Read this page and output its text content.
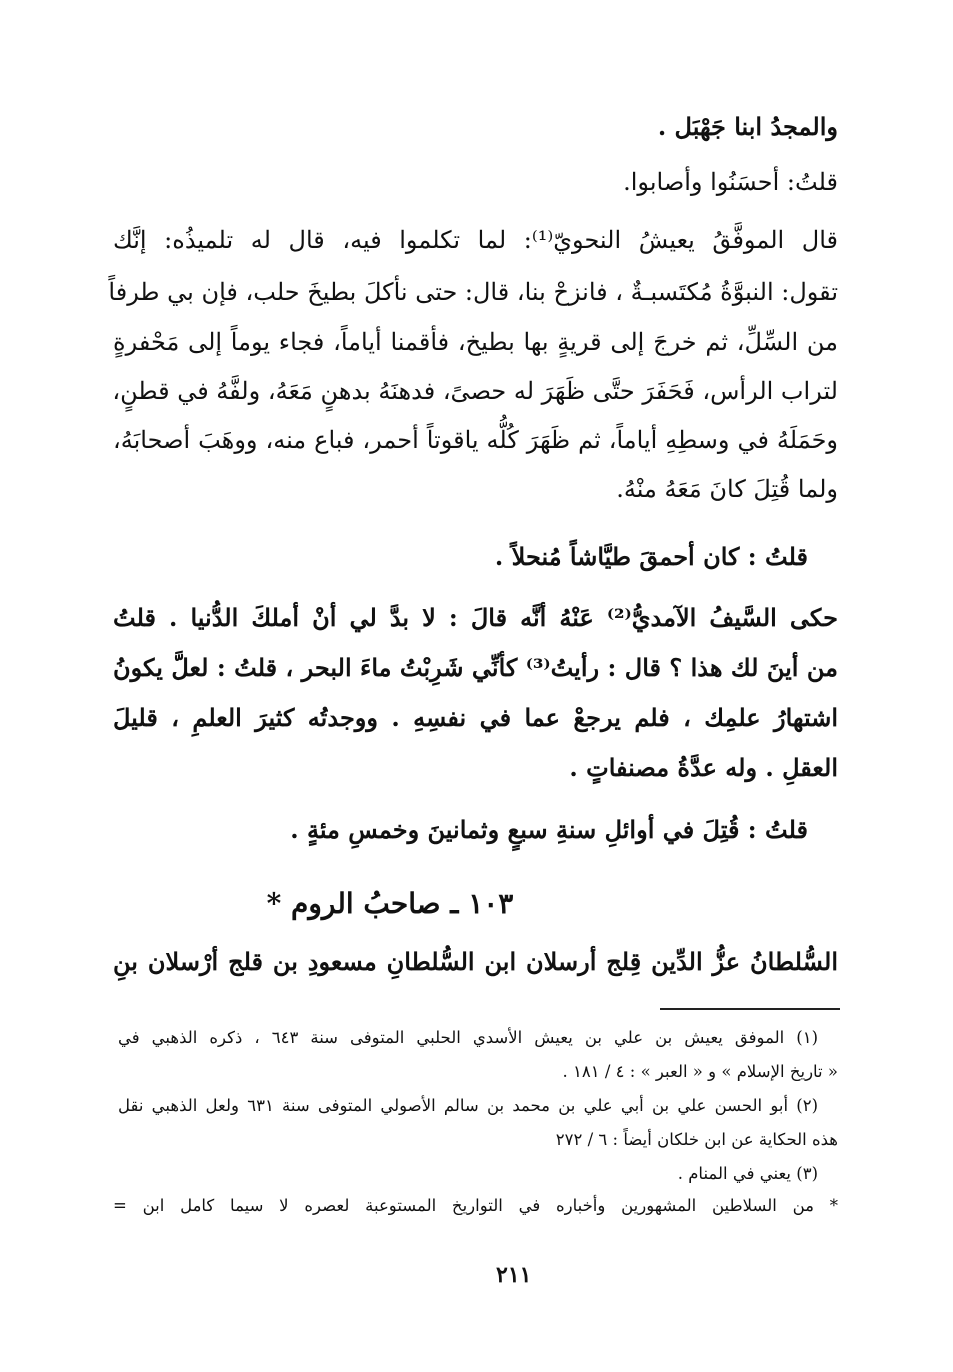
والمجدُ ابنا جَهْبَل .
قلتُ: أحسَنُوا وأصابوا.
قال الموفَّقُ يعيشُ النحويّ⁽¹⁾: لما تكلموا فيه، قال له تلميذُه: إنَّك
تقول: النبوَّةُ مُكتَسبـةٌ ، فانزحْ بنا، قال: حتى نأكلَ بطيخَ حلب، فإن بي طرفاً
من السِّلِّ، ثم خرجَ إلى قريةٍ بها بطيخ، فأقمنا أياماً، فجاء يوماً إلى مَحْفرةٍ
لتراب الرأس، فَحَفَرَ حتَّى ظَهَرَ له حصىً، فدهنَهُ بدهنٍ مَعَهُ، ولفَّهُ في قطنٍ،
وحَمَلَهُ في وسطِهِ أياماً، ثم ظَهَرَ كُلُّه ياقوتاً أحمر، فباع منه، ووهَبَ أصحابَهُ،
ولما قُتِلَ كانَ مَعَهُ منْهُ.
قلتُ : كان أحمقَ طيَّاشاً مُنحلاً .
حكى السَّيفُ الآمديُّ⁽²⁾ عَنْهُ أنَّه قالَ : لا بدَّ لي أنْ أملكَ الدُّنيا . قلتُ
من أينَ لك هذا ؟ قال : رأيتُ⁽³⁾ كأنِّي شَرِبْتُ ماءَ البحر ، قلتُ : لعلَّ يكونُ
اشتهارُ علمِك ، فلم يرجعْ عما في نفسِهِ . ووجدتُه كثيرَ العلمِ ، قليلَ
العقلِ . وله عدَّةُ مصنفاتٍ .
قلتُ : قُتِلَ في أوائلِ سنةِ سبعٍ وثمانينَ وخمسِ مئةٍ .
١٠٣ ـ صاحبُ الروم *
السُّلطانُ عزُّ الدِّين قِلج أرسلان ابن السُّلطانِ مسعودِ بن قلج أرْسلان بنِ
(١) الموفق يعيش بن علي بن يعيش الأسدي الحلبي المتوفى سنة ٦٤٣ ، ذكره الذهبي في
« تاريخ الإسلام » و « العبر » : ٤ / ١٨١ .
(٢) أبو الحسن علي بن أبي علي بن محمد بن سالم الأصولي المتوفى سنة ٦٣١ ولعل الذهبي نقل
هذه الحكاية عن ابن خلكان أيضاً : ٦ / ٢٧٢
(٣) يعني في المنام .
* من السلاطين المشهورين وأخباره في التواريخ المستوعبة لعصره لا سيما كامل ابن =
٢١١
